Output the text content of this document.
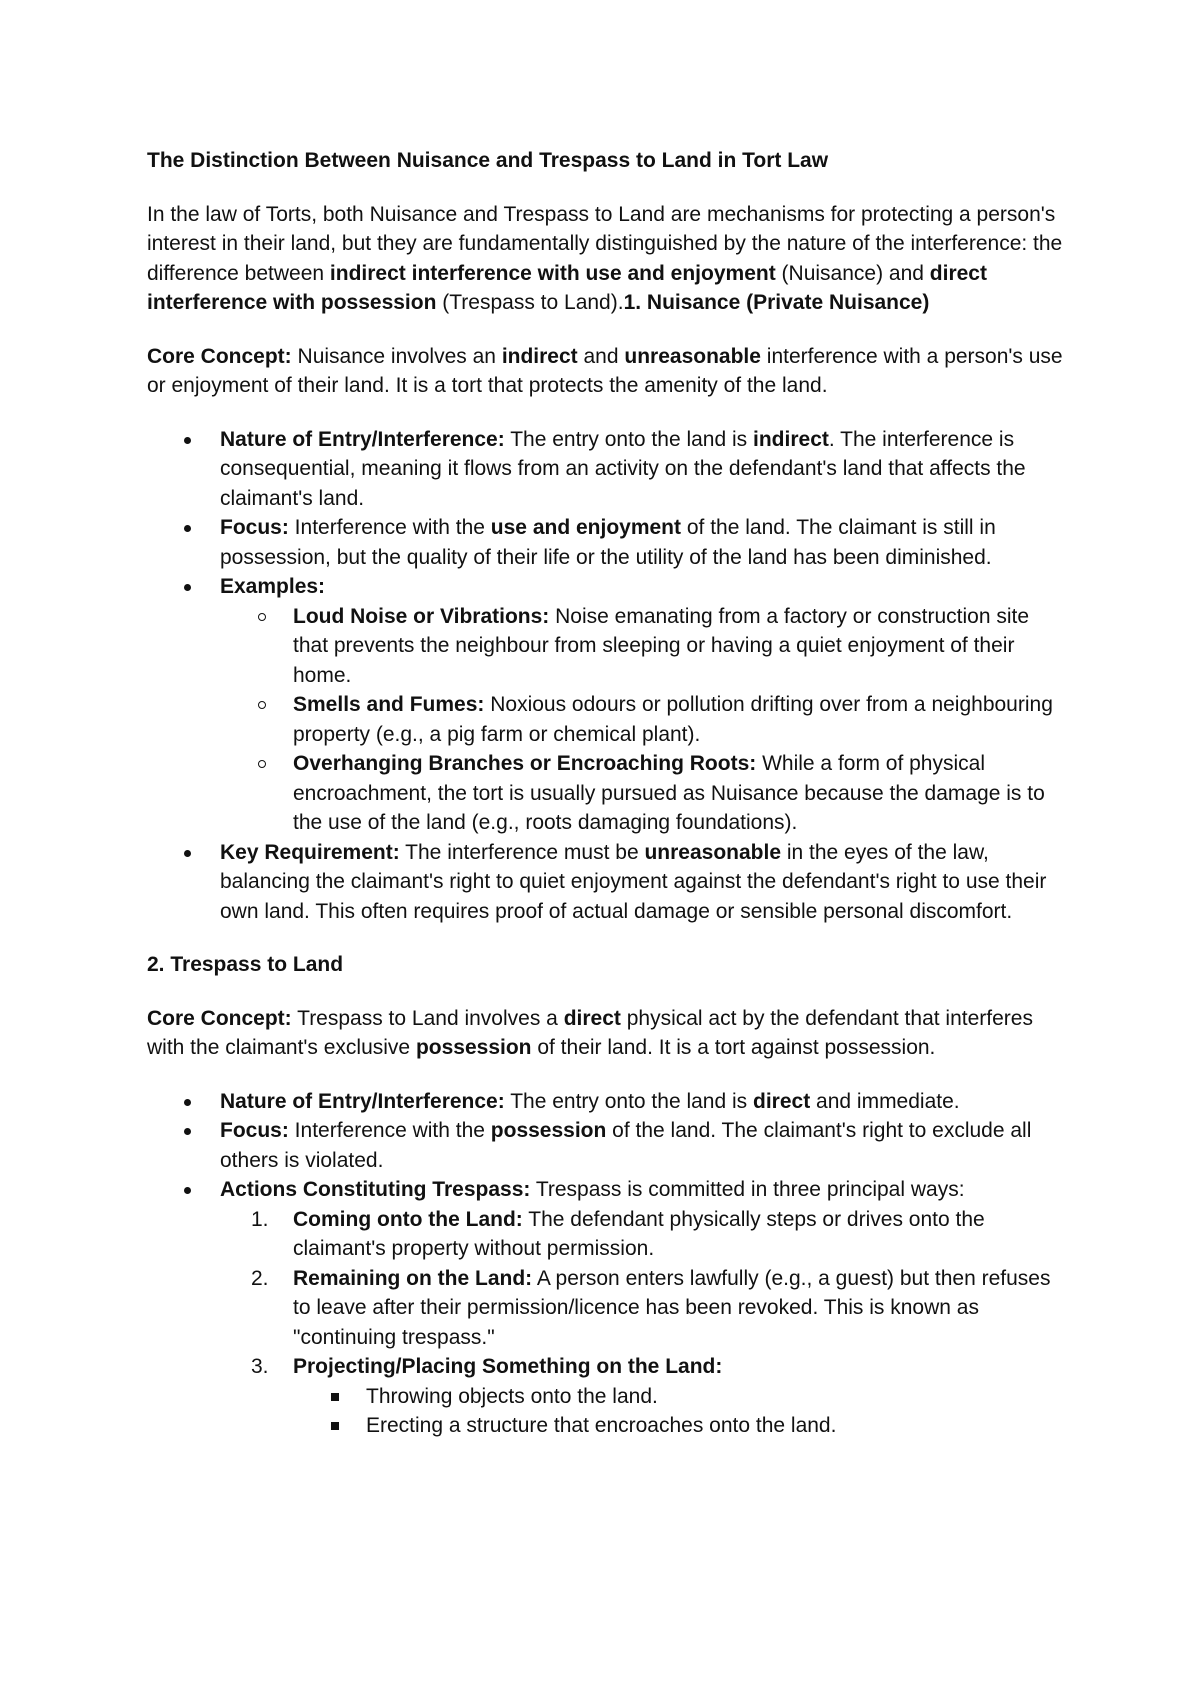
The Distinction Between Nuisance and Trespass to Land in Tort Law

In the law of Torts, both Nuisance and Trespass to Land are mechanisms for protecting a person's interest in their land, but they are fundamentally distinguished by the nature of the interference: the difference between indirect interference with use and enjoyment (Nuisance) and direct interference with possession (Trespass to Land).1. Nuisance (Private Nuisance)

Core Concept: Nuisance involves an indirect and unreasonable interference with a person's use or enjoyment of their land. It is a tort that protects the amenity of the land.

Nature of Entry/Interference: The entry onto the land is indirect. The interference is consequential, meaning it flows from an activity on the defendant's land that affects the claimant's land.
Focus: Interference with the use and enjoyment of the land. The claimant is still in possession, but the quality of their life or the utility of the land has been diminished.
Examples:
Loud Noise or Vibrations: Noise emanating from a factory or construction site that prevents the neighbour from sleeping or having a quiet enjoyment of their home.
Smells and Fumes: Noxious odours or pollution drifting over from a neighbouring property (e.g., a pig farm or chemical plant).
Overhanging Branches or Encroaching Roots: While a form of physical encroachment, the tort is usually pursued as Nuisance because the damage is to the use of the land (e.g., roots damaging foundations).
Key Requirement: The interference must be unreasonable in the eyes of the law, balancing the claimant's right to quiet enjoyment against the defendant's right to use their own land. This often requires proof of actual damage or sensible personal discomfort.

2. Trespass to Land

Core Concept: Trespass to Land involves a direct physical act by the defendant that interferes with the claimant's exclusive possession of their land. It is a tort against possession.

Nature of Entry/Interference: The entry onto the land is direct and immediate.
Focus: Interference with the possession of the land. The claimant's right to exclude all others is violated.
Actions Constituting Trespass: Trespass is committed in three principal ways:
1. Coming onto the Land: The defendant physically steps or drives onto the claimant's property without permission.
2. Remaining on the Land: A person enters lawfully (e.g., a guest) but then refuses to leave after their permission/licence has been revoked. This is known as "continuing trespass."
3. Projecting/Placing Something on the Land:
Throwing objects onto the land.
Erecting a structure that encroaches onto the land.
